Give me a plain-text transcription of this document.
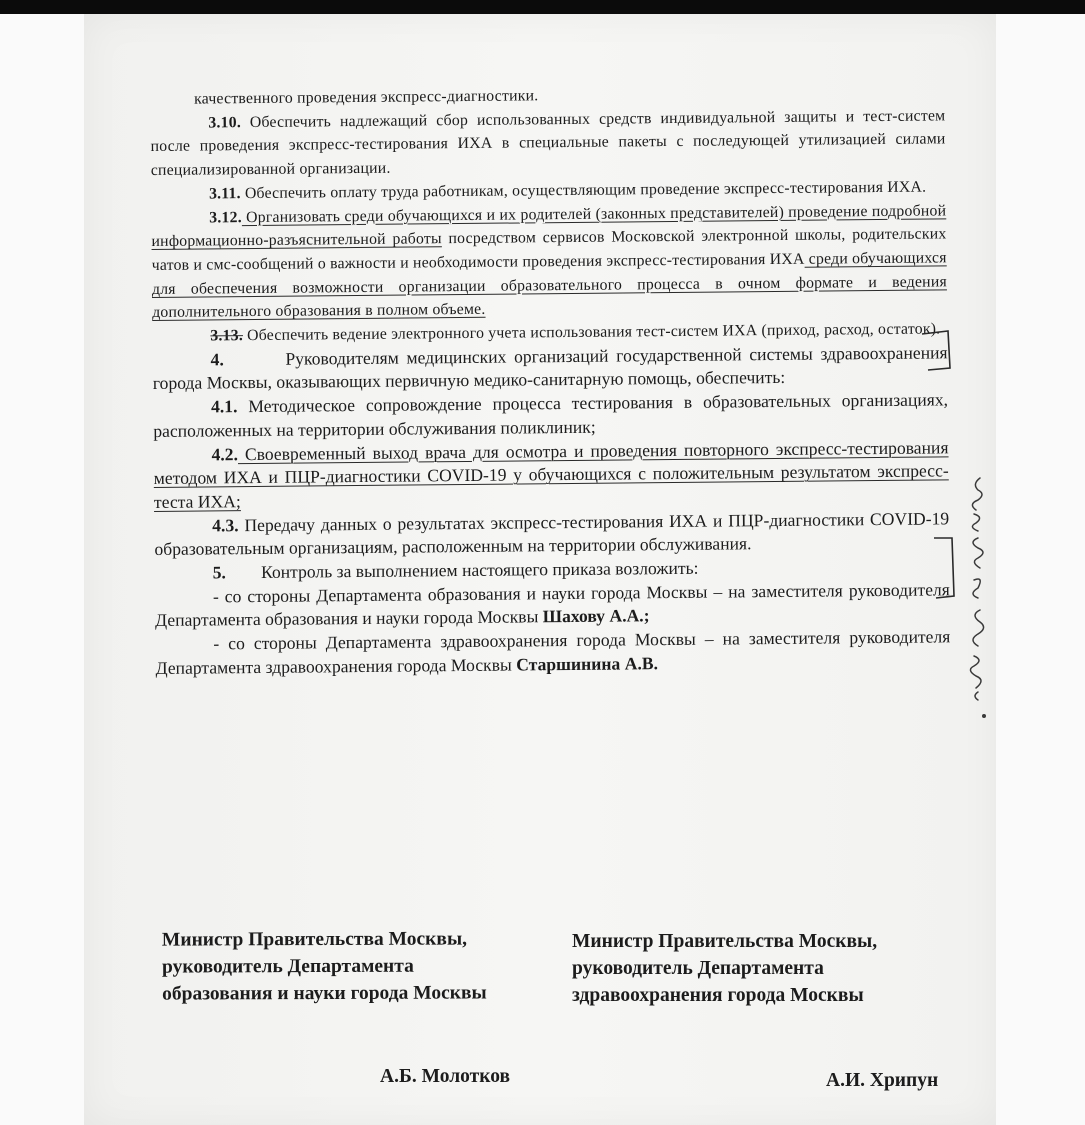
качественного проведения экспресс-диагностики.

3.10. Обеспечить надлежащий сбор использованных средств индивидуальной защиты и тест-систем после проведения экспресс-тестирования ИХА в специальные пакеты с последующей утилизацией силами специализированной организации.

3.11. Обеспечить оплату труда работникам, осуществляющим проведение экспресс-тестирования ИХА.

3.12. Организовать среди обучающихся и их родителей (законных представителей) проведение подробной информационно-разъяснительной работы посредством сервисов Московской электронной школы, родительских чатов и смс-сообщений о важности и необходимости проведения экспресс-тестирования ИХА среди обучающихся для обеспечения возможности организации образовательного процесса в очном формате и ведения дополнительного образования в полном объеме.

3.13. Обеспечить ведение электронного учета использования тест-систем ИХА (приход, расход, остаток).

4.	Руководителям медицинских организаций государственной системы здравоохранения города Москвы, оказывающих первичную медико-санитарную помощь, обеспечить:

4.1. Методическое сопровождение процесса тестирования в образовательных организациях, расположенных на территории обслуживания поликлиник;

4.2. Своевременный выход врача для осмотра и проведения повторного экспресс-тестирования методом ИХА и ПЦР-диагностики COVID-19 у обучающихся с положительным результатом экспресс-теста ИХА;

4.3. Передачу данных о результатах экспресс-тестирования ИХА и ПЦР-диагностики COVID-19 образовательным организациям, расположенным на территории обслуживания.

5. Контроль за выполнением настоящего приказа возложить:

- со стороны Департамента образования и науки города Москвы – на заместителя руководителя Департамента образования и науки города Москвы Шахову А.А.;

- со стороны Департамента здравоохранения города Москвы – на заместителя руководителя Департамента здравоохранения города Москвы Старшинина А.В.

Министр Правительства Москвы,
руководитель Департамента
образования и науки города Москвы
Министр Правительства Москвы,
руководитель Департамента
здравоохранения города Москвы
А.Б. Молотков	А.И. Хрипун
